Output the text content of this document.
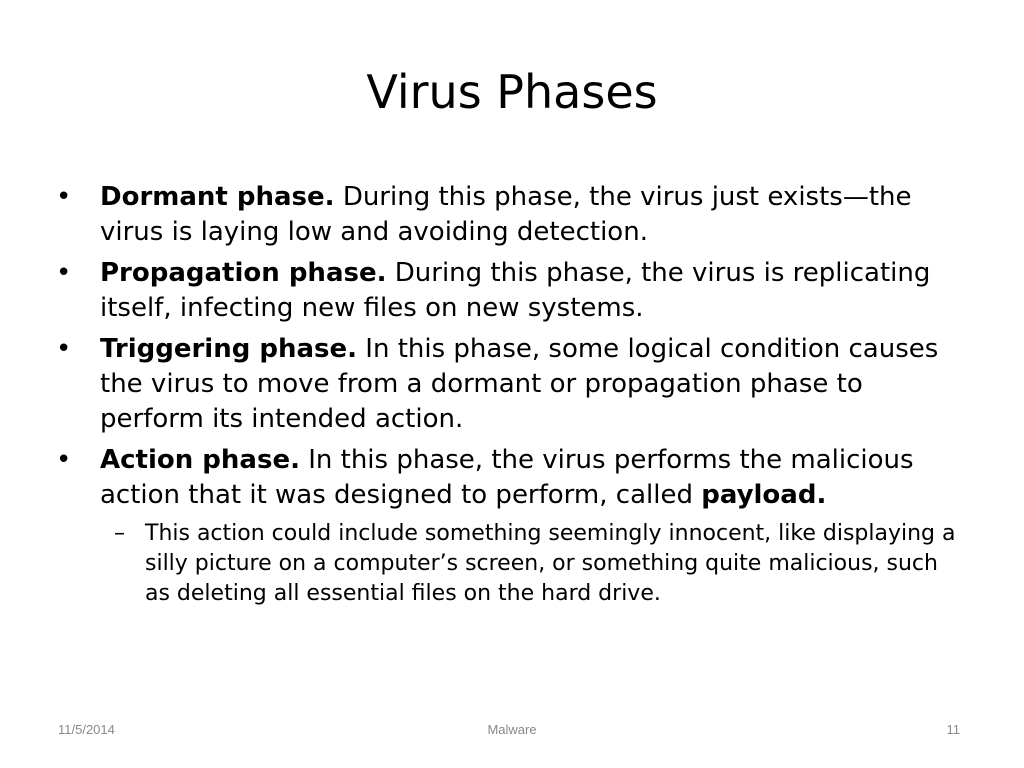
Virus Phases
•	Dormant phase. During this phase, the virus just exists—the virus is laying low and avoiding detection.
•	Propagation phase. During this phase, the virus is replicating itself, infecting new files on new systems.
•	Triggering phase. In this phase, some logical condition causes the virus to move from a dormant or propagation phase to perform its intended action.
•	Action phase. In this phase, the virus performs the malicious action that it was designed to perform, called payload.
– This action could include something seemingly innocent, like displaying a silly picture on a computer’s screen, or something quite malicious, such as deleting all essential files on the hard drive.
11/5/2014	Malware	11
